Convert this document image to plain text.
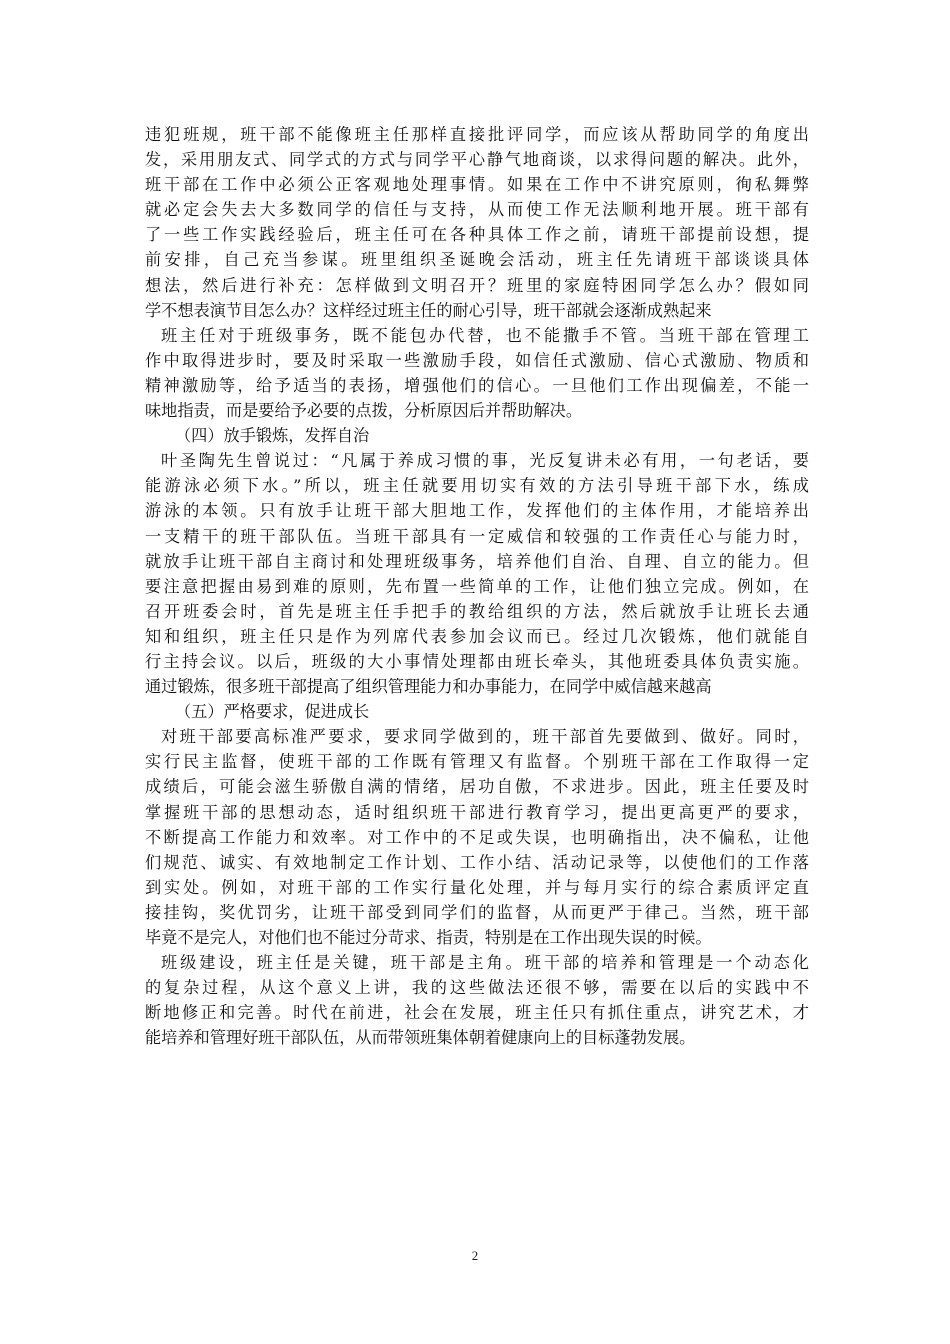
违犯班规，班干部不能像班主任那样直接批评同学，而应该从帮助同学的角度出
发，采用朋友式、同学式的方式与同学平心静气地商谈，以求得问题的解决。此外，
班干部在工作中必须公正客观地处理事情。如果在工作中不讲究原则，徇私舞弊
就必定会失去大多数同学的信任与支持，从而使工作无法顺利地开展。班干部有
了一些工作实践经验后，班主任可在各种具体工作之前，请班干部提前设想，提
前安排，自己充当参谋。班里组织圣诞晚会活动，班主任先请班干部谈谈具体
想法，然后进行补充：怎样做到文明召开？班里的家庭特困同学怎么办？假如同
学不想表演节目怎么办？这样经过班主任的耐心引导，班干部就会逐渐成熟起来
班主任对于班级事务，既不能包办代替，也不能撒手不管。当班干部在管理工
作中取得进步时，要及时采取一些激励手段，如信任式激励、信心式激励、物质和
精神激励等，给予适当的表扬，增强他们的信心。一旦他们工作出现偏差，不能一
味地指责，而是要给予必要的点拨，分析原因后并帮助解决。
（四）放手锻炼，发挥自治
叶圣陶先生曾说过：“凡属于养成习惯的事，光反复讲未必有用，一句老话，要
能游泳必须下水。”所以，班主任就要用切实有效的方法引导班干部下水，练成
游泳的本领。只有放手让班干部大胆地工作，发挥他们的主体作用，才能培养出
一支精干的班干部队伍。当班干部具有一定威信和较强的工作责任心与能力时，
就放手让班干部自主商讨和处理班级事务，培养他们自治、自理、自立的能力。但
要注意把握由易到难的原则，先布置一些简单的工作，让他们独立完成。例如，在
召开班委会时，首先是班主任手把手的教给组织的方法，然后就放手让班长去通
知和组织，班主任只是作为列席代表参加会议而已。经过几次锻炼，他们就能自
行主持会议。以后，班级的大小事情处理都由班长牵头，其他班委具体负责实施。
通过锻炼，很多班干部提高了组织管理能力和办事能力，在同学中威信越来越高
（五）严格要求，促进成长
对班干部要高标准严要求，要求同学做到的，班干部首先要做到、做好。同时，
实行民主监督，使班干部的工作既有管理又有监督。个别班干部在工作取得一定
成绩后，可能会滋生骄傲自满的情绪，居功自傲，不求进步。因此，班主任要及时
掌握班干部的思想动态，适时组织班干部进行教育学习，提出更高更严的要求，
不断提高工作能力和效率。对工作中的不足或失误，也明确指出，决不偏私，让他
们规范、诚实、有效地制定工作计划、工作小结、活动记录等，以使他们的工作落
到实处。例如，对班干部的工作实行量化处理，并与每月实行的综合素质评定直
接挂钩，奖优罚劣，让班干部受到同学们的监督，从而更严于律己。当然，班干部
毕竟不是完人，对他们也不能过分苛求、指责，特别是在工作出现失误的时候。
班级建设，班主任是关键，班干部是主角。班干部的培养和管理是一个动态化
的复杂过程，从这个意义上讲，我的这些做法还很不够，需要在以后的实践中不
断地修正和完善。时代在前进，社会在发展，班主任只有抓住重点，讲究艺术，才
能培养和管理好班干部队伍，从而带领班集体朝着健康向上的目标蓬勃发展。
2
